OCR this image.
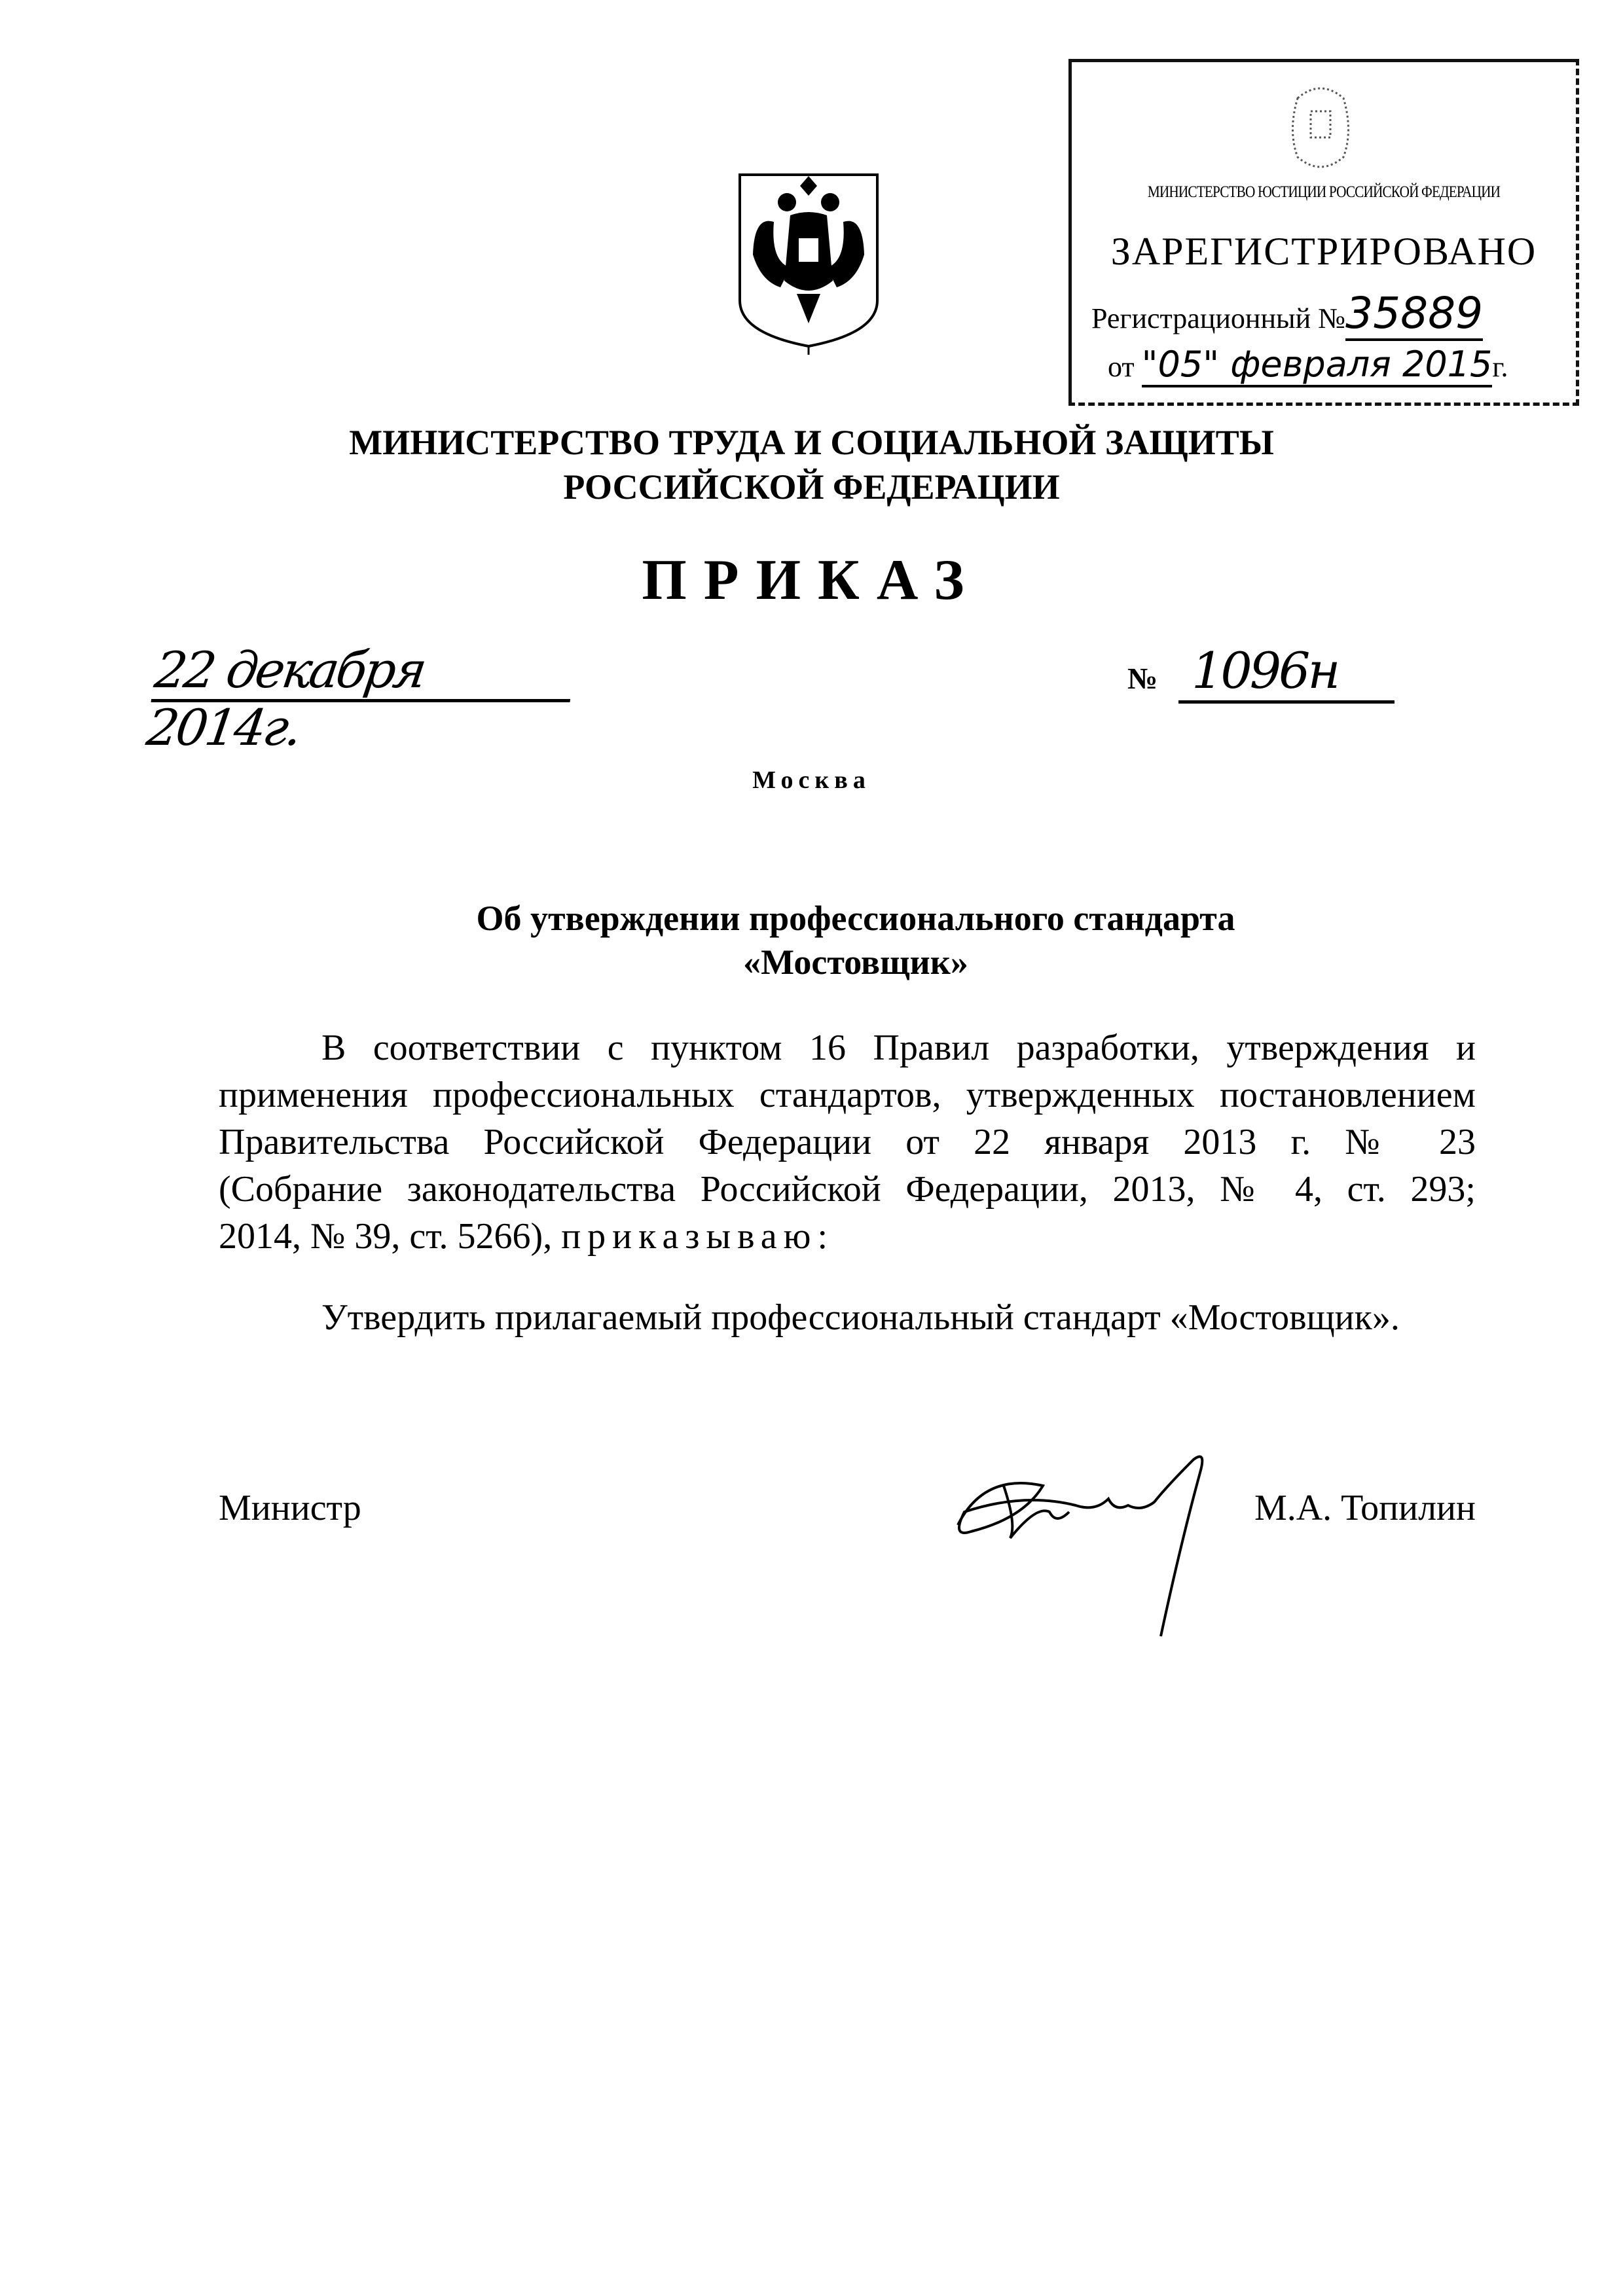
МИНИСТЕРСТВО ЮСТИЦИИ РОССИЙСКОЙ ФЕДЕРАЦИИ
ЗАРЕГИСТРИРОВАНО
Регистрационный №35889
от "05" февраля 2015г.
МИНИСТЕРСТВО ТРУДА И СОЦИАЛЬНОЙ ЗАЩИТЫ
РОССИЙСКОЙ ФЕДЕРАЦИИ
ПРИКАЗ
22 декабря 2014г.
№ 1096н
Москва
Об утверждении профессионального стандарта
«Мостовщик»
В соответствии с пунктом 16 Правил разработки, утверждения и
применения профессиональных стандартов, утвержденных постановлением
Правительства Российской Федерации от 22 января 2013 г. № 23
(Собрание законодательства Российской Федерации, 2013, № 4, ст. 293;
2014, № 39, ст. 5266), приказываю:
Утвердить прилагаемый профессиональный стандарт «Мостовщик».
Министр	М.А. Топилин
